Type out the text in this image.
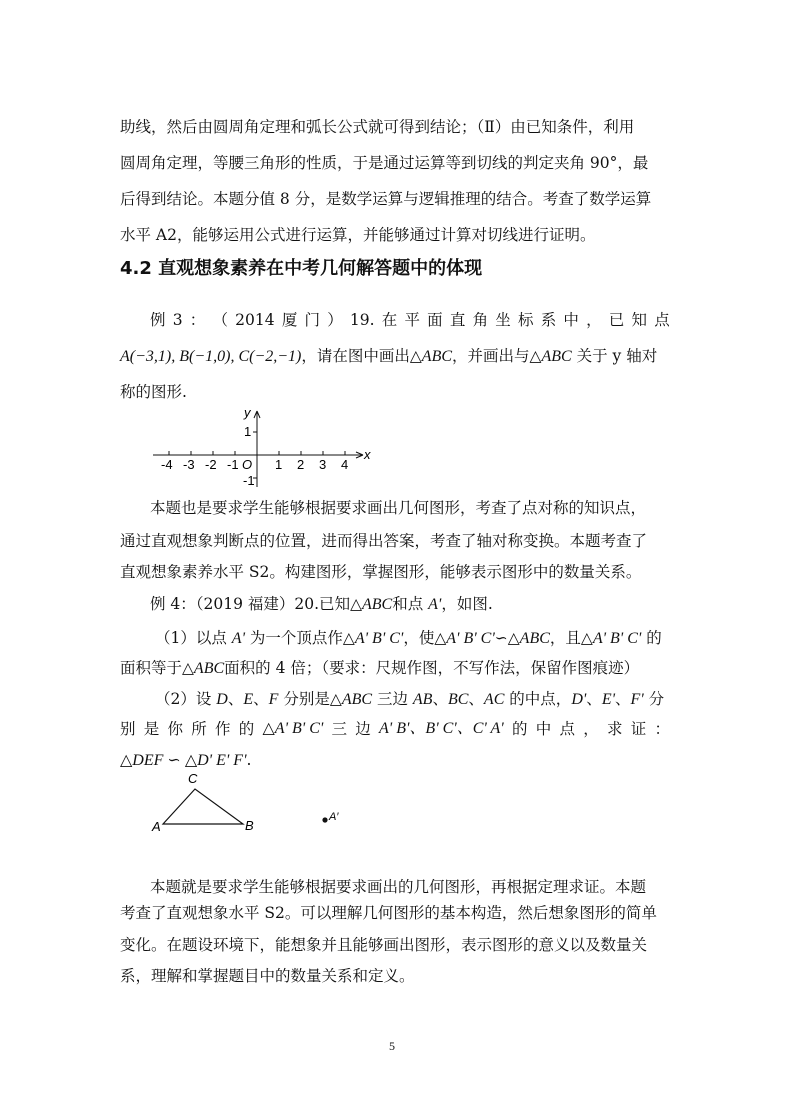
助线，然后由圆周角定理和弧长公式就可得到结论；（Ⅱ）由已知条件，利用
圆周角定理，等腰三角形的性质，于是通过运算等到切线的判定夹角 90°，最
后得到结论。本题分值 8 分，是数学运算与逻辑推理的结合。考查了数学运算
水平 A2，能够运用公式进行运算，并能够通过计算对切线进行证明。
4.2 直观想象素养在中考几何解答题中的体现
例 3 ： （ 2014 厦 门 ） 19. 在 平 面 直 角 坐 标 系 中 ， 已 知 点
A(−3,1), B(−1,0), C(−2,−1)，请在图中画出△ABC，并画出与△ABC 关于 y 轴对
称的图形.
-4 -3 -2 -1	1 2 3 4
1
-1
O
x
y
本题也是要求学生能够根据要求画出几何图形，考查了点对称的知识点，
通过直观想象判断点的位置，进而得出答案，考查了轴对称变换。本题考查了
直观想象素养水平 S2。构建图形，掌握图形，能够表示图形中的数量关系。
例 4：（2019 福建）20.已知△ABC和点 A'，如图.
（1）以点 A' 为一个顶点作△A' B' C'，使△A' B' C'∽△ABC，且△A' B' C' 的
面积等于△ABC面积的 4 倍；（要求：尺规作图，不写作法，保留作图痕迹）
（2）设 D、E、F 分别是△ABC 三边 AB、BC、AC 的中点，D'、E'、F' 分
别 是 你 所 作 的 △A' B' C' 三 边 A' B'、B' C'、C' A' 的 中 点 ， 求 证 ：
△DEF ∽ △D' E' F'.
A	B
C
A′
本题就是要求学生能够根据要求画出的几何图形，再根据定理求证。本题
考查了直观想象水平 S2。可以理解几何图形的基本构造，然后想象图形的简单
变化。在题设环境下，能想象并且能够画出图形，表示图形的意义以及数量关
系，理解和掌握题目中的数量关系和定义。
5
